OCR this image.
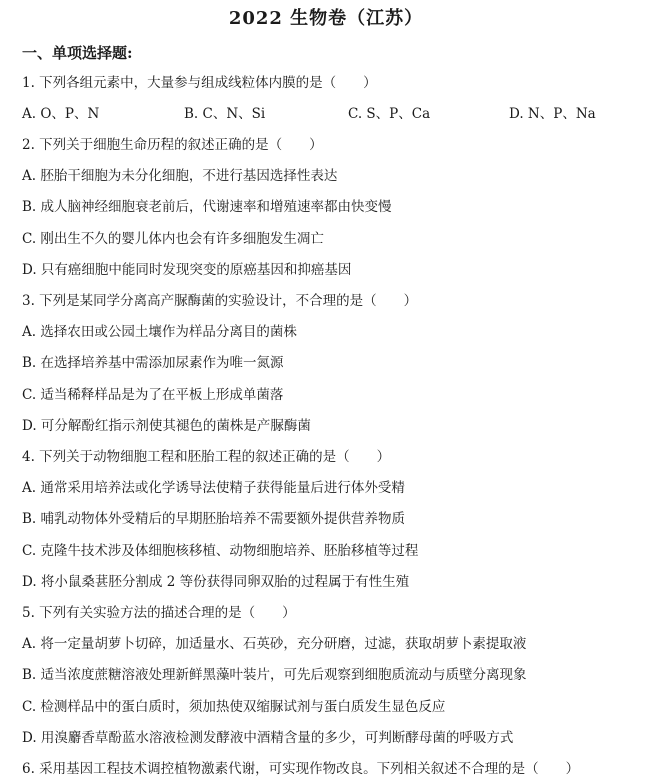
2022 生物卷（江苏）
一、单项选择题:
1. 下列各组元素中，大量参与组成线粒体内膜的是（　　）
A. O、P、N	B. C、N、Si	C. S、P、Ca	D. N、P、Na
2. 下列关于细胞生命历程的叙述正确的是（　　）
A. 胚胎干细胞为未分化细胞，不进行基因选择性表达
B. 成人脑神经细胞衰老前后，代谢速率和增殖速率都由快变慢
C. 刚出生不久的婴儿体内也会有许多细胞发生凋亡
D. 只有癌细胞中能同时发现突变的原癌基因和抑癌基因
3. 下列是某同学分离高产脲酶菌的实验设计，不合理的是（　　）
A. 选择农田或公园土壤作为样品分离目的菌株
B. 在选择培养基中需添加尿素作为唯一氮源
C. 适当稀释样品是为了在平板上形成单菌落
D. 可分解酚红指示剂使其褪色的菌株是产脲酶菌
4. 下列关于动物细胞工程和胚胎工程的叙述正确的是（　　）
A. 通常采用培养法或化学诱导法使精子获得能量后进行体外受精
B. 哺乳动物体外受精后的早期胚胎培养不需要额外提供营养物质
C. 克隆牛技术涉及体细胞核移植、动物细胞培养、胚胎移植等过程
D. 将小鼠桑葚胚分割成 2 等份获得同卵双胎的过程属于有性生殖
5. 下列有关实验方法的描述合理的是（　　）
A. 将一定量胡萝卜切碎，加适量水、石英砂，充分研磨，过滤，获取胡萝卜素提取液
B. 适当浓度蔗糖溶液处理新鲜黑藻叶装片，可先后观察到细胞质流动与质壁分离现象
C. 检测样品中的蛋白质时，须加热使双缩脲试剂与蛋白质发生显色反应
D. 用溴麝香草酚蓝水溶液检测发酵液中酒精含量的多少，可判断酵母菌的呼吸方式
6. 采用基因工程技术调控植物激素代谢，可实现作物改良。下列相关叙述不合理的是（　　）
